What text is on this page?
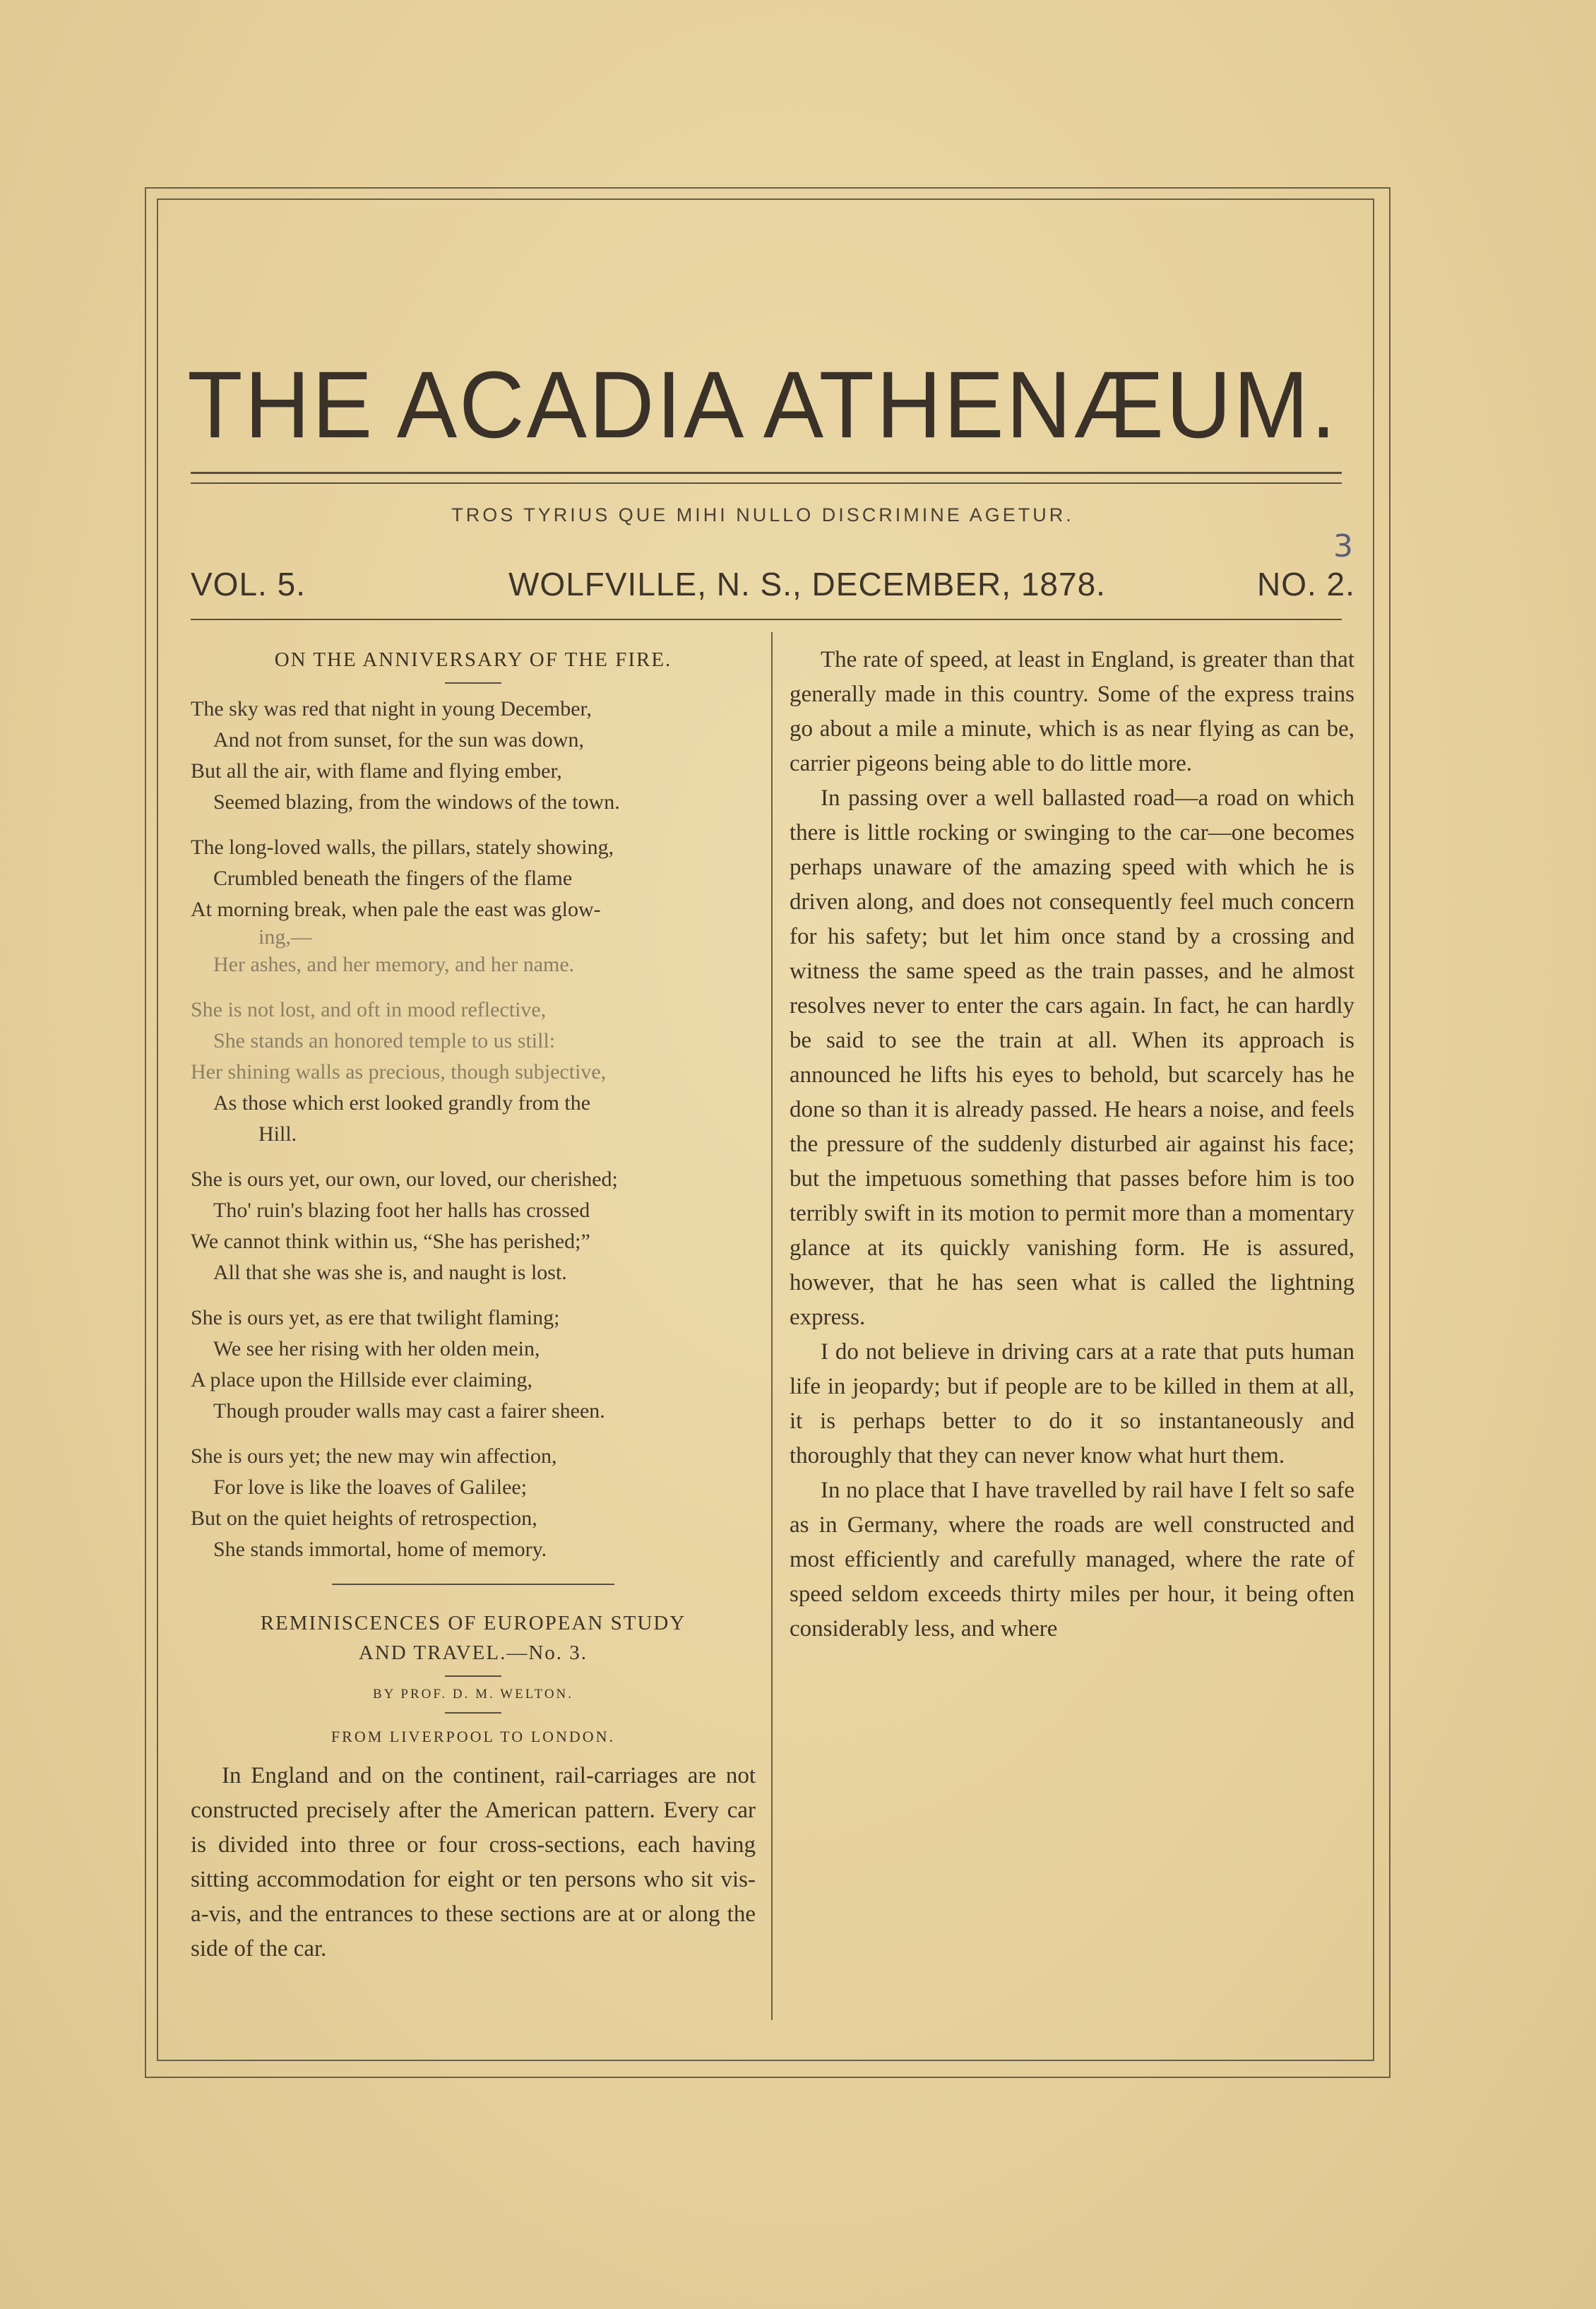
THE ACADIA ATHENÆUM.
TROS TYRIUS QUE MIHI NULLO DISCRIMINE AGETUR.
VOL. 5.	WOLFVILLE, N. S., DECEMBER, 1878.	NO. 2.
3
ON THE ANNIVERSARY OF THE FIRE.
The sky was red that night in young December,
And not from sunset, for the sun was down,
But all the air, with flame and flying ember,
Seemed blazing, from the windows of the town.
The long-loved walls, the pillars, stately showing,
Crumbled beneath the fingers of the flame
At morning break, when pale the east was glow-
ing,—
Her ashes, and her memory, and her name.
She is not lost, and oft in mood reflective,
She stands an honored temple to us still:
Her shining walls as precious, though subjective,
As those which erst looked grandly from the
Hill.
She is ours yet, our own, our loved, our cherished;
Tho' ruin's blazing foot her halls has crossed
We cannot think within us, “She has perished;”
All that she was she is, and naught is lost.
She is ours yet, as ere that twilight flaming;
We see her rising with her olden mein,
A place upon the Hillside ever claiming,
Though prouder walls may cast a fairer sheen.
She is ours yet; the new may win affection,
For love is like the loaves of Galilee;
But on the quiet heights of retrospection,
She stands immortal, home of memory.
REMINISCENCES OF EUROPEAN STUDY
AND TRAVEL.—No. 3.
BY PROF. D. M. WELTON.
FROM LIVERPOOL TO LONDON.

In England and on the continent, rail-carriages are not constructed precisely after the American pattern. Every car is divided into three or four cross-sections, each having sitting accommodation for eight or ten persons who sit vis-a-vis, and the entrances to these sections are at or along the side of the car.

The rate of speed, at least in England, is greater than that generally made in this country. Some of the express trains go about a mile a minute, which is as near flying as can be, carrier pigeons being able to do little more.

In passing over a well ballasted road—a road on which there is little rocking or swinging to the car—one becomes perhaps unaware of the amazing speed with which he is driven along, and does not consequently feel much concern for his safety; but let him once stand by a crossing and witness the same speed as the train passes, and he almost resolves never to enter the cars again. In fact, he can hardly be said to see the train at all. When its approach is announced he lifts his eyes to behold, but scarcely has he done so than it is already passed. He hears a noise, and feels the pressure of the suddenly disturbed air against his face; but the impetuous something that passes before him is too terribly swift in its motion to permit more than a momentary glance at its quickly vanishing form. He is assured, however, that he has seen what is called the lightning express.

I do not believe in driving cars at a rate that puts human life in jeopardy; but if people are to be killed in them at all, it is perhaps better to do it so instantaneously and thoroughly that they can never know what hurt them.

In no place that I have travelled by rail have I felt so safe as in Germany, where the roads are well constructed and most efficiently and carefully managed, where the rate of speed seldom exceeds thirty miles per hour, it being often considerably less, and where
